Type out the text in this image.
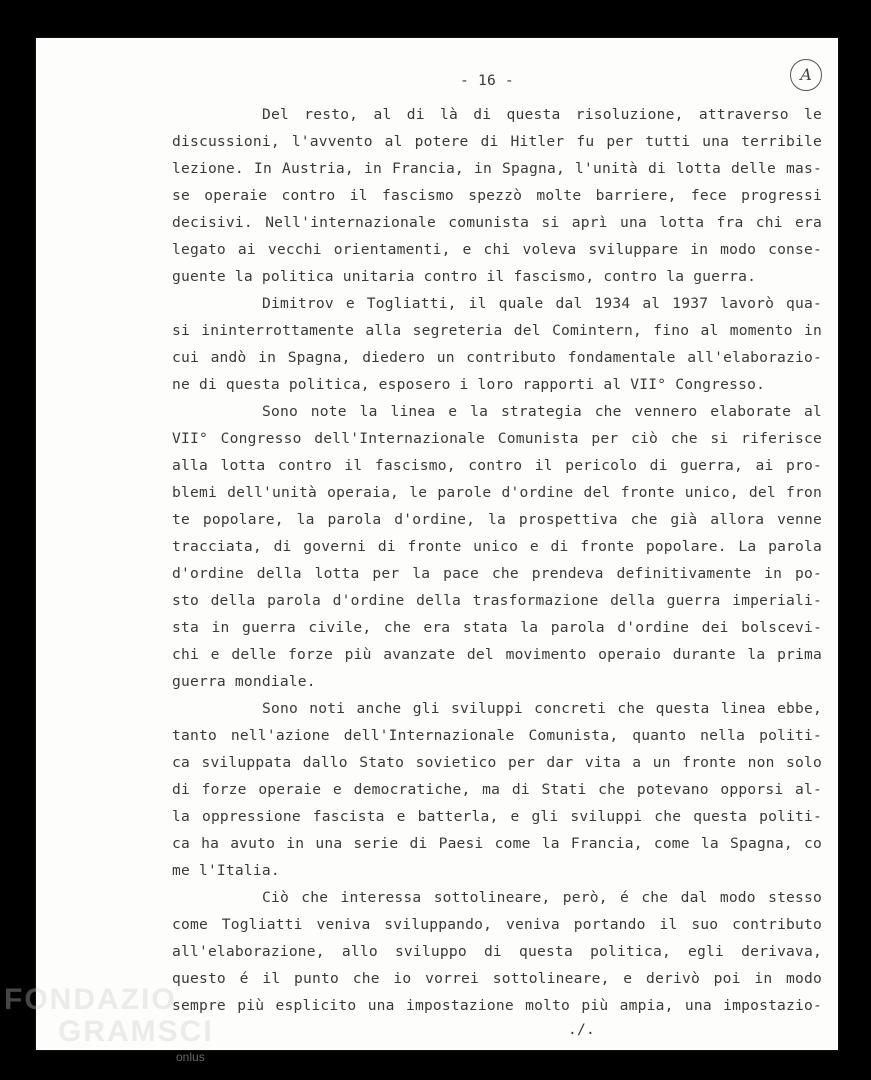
- 16 -	A
Del resto, al di là di questa risoluzione, attraverso le
discussioni, l'avvento al potere di Hitler fu per tutti una terribile
lezione. In Austria, in Francia, in Spagna, l'unità di lotta delle mas-
se operaie contro il fascismo spezzò molte barriere, fece progressi
decisivi. Nell'internazionale comunista si aprì una lotta fra chi era
legato ai vecchi orientamenti, e chi voleva sviluppare in modo conse-
guente la politica unitaria contro il fascismo, contro la guerra.
Dimitrov e Togliatti, il quale dal 1934 al 1937 lavorò qua-
si ininterrottamente alla segreteria del Comintern, fino al momento in
cui andò in Spagna, diedero un contributo fondamentale all'elaborazio-
ne di questa politica, esposero i loro rapporti al VII° Congresso.
Sono note la linea e la strategia che vennero elaborate al
VII° Congresso dell'Internazionale Comunista per ciò che si riferisce
alla lotta contro il fascismo, contro il pericolo di guerra, ai pro-
blemi dell'unità operaia, le parole d'ordine del fronte unico, del fron
te popolare, la parola d'ordine, la prospettiva che già allora venne
tracciata, di governi di fronte unico e di fronte popolare. La parola
d'ordine della lotta per la pace che prendeva definitivamente in po-
sto della parola d'ordine della trasformazione della guerra imperiali-
sta in guerra civile, che era stata la parola d'ordine dei bolscevi-
chi e delle forze più avanzate del movimento operaio durante la prima
guerra mondiale.
Sono noti anche gli sviluppi concreti che questa linea ebbe,
tanto nell'azione dell'Internazionale Comunista, quanto nella politi-
ca sviluppata dallo Stato sovietico per dar vita a un fronte non solo
di forze operaie e democratiche, ma di Stati che potevano opporsi al-
la oppressione fascista e batterla, e gli sviluppi che questa politi-
ca ha avuto in una serie di Paesi come la Francia, come la Spagna, co
me l'Italia.
Ciò che interessa sottolineare, però, é che dal modo stesso
come Togliatti veniva sviluppando, veniva portando il suo contributo
all'elaborazione, allo sviluppo di questa politica, egli derivava,
questo é il punto che io vorrei sottolineare, e derivò poi in modo
sempre più esplicito una impostazione molto più ampia, una impostazio-
./.
FONDAZIO
GRAMSCI
onlus
